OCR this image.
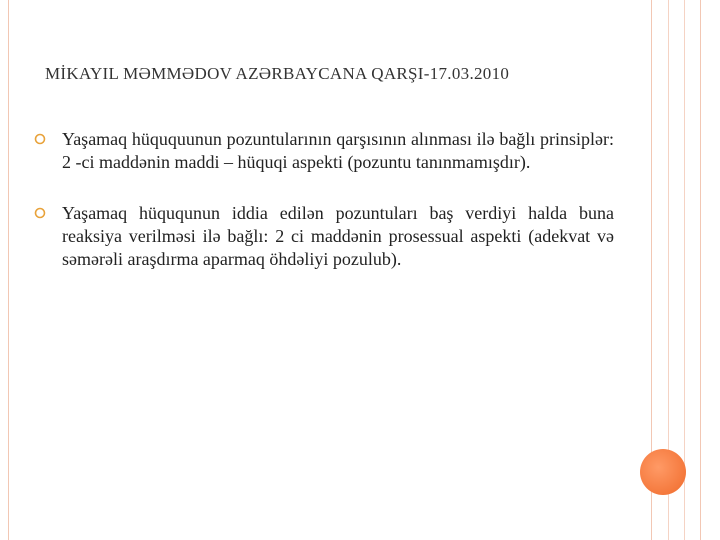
MİKAYIL MƏMMƏDOV AZƏRBAYCANA QARŞI-17.03.2010
Yaşamaq hüququunun pozuntularının qarşısının alınması ilə bağlı prinsiplər: 2 -ci maddənin maddi – hüquqi aspekti (pozuntu tanınmamışdır).
Yaşamaq hüququnun iddia edilən pozuntuları baş verdiyi halda buna reaksiya verilməsi ilə bağlı: 2 ci maddənin prosessual aspekti (adekvat və səmərəli araşdırma aparmaq öhdəliyi pozulub).
